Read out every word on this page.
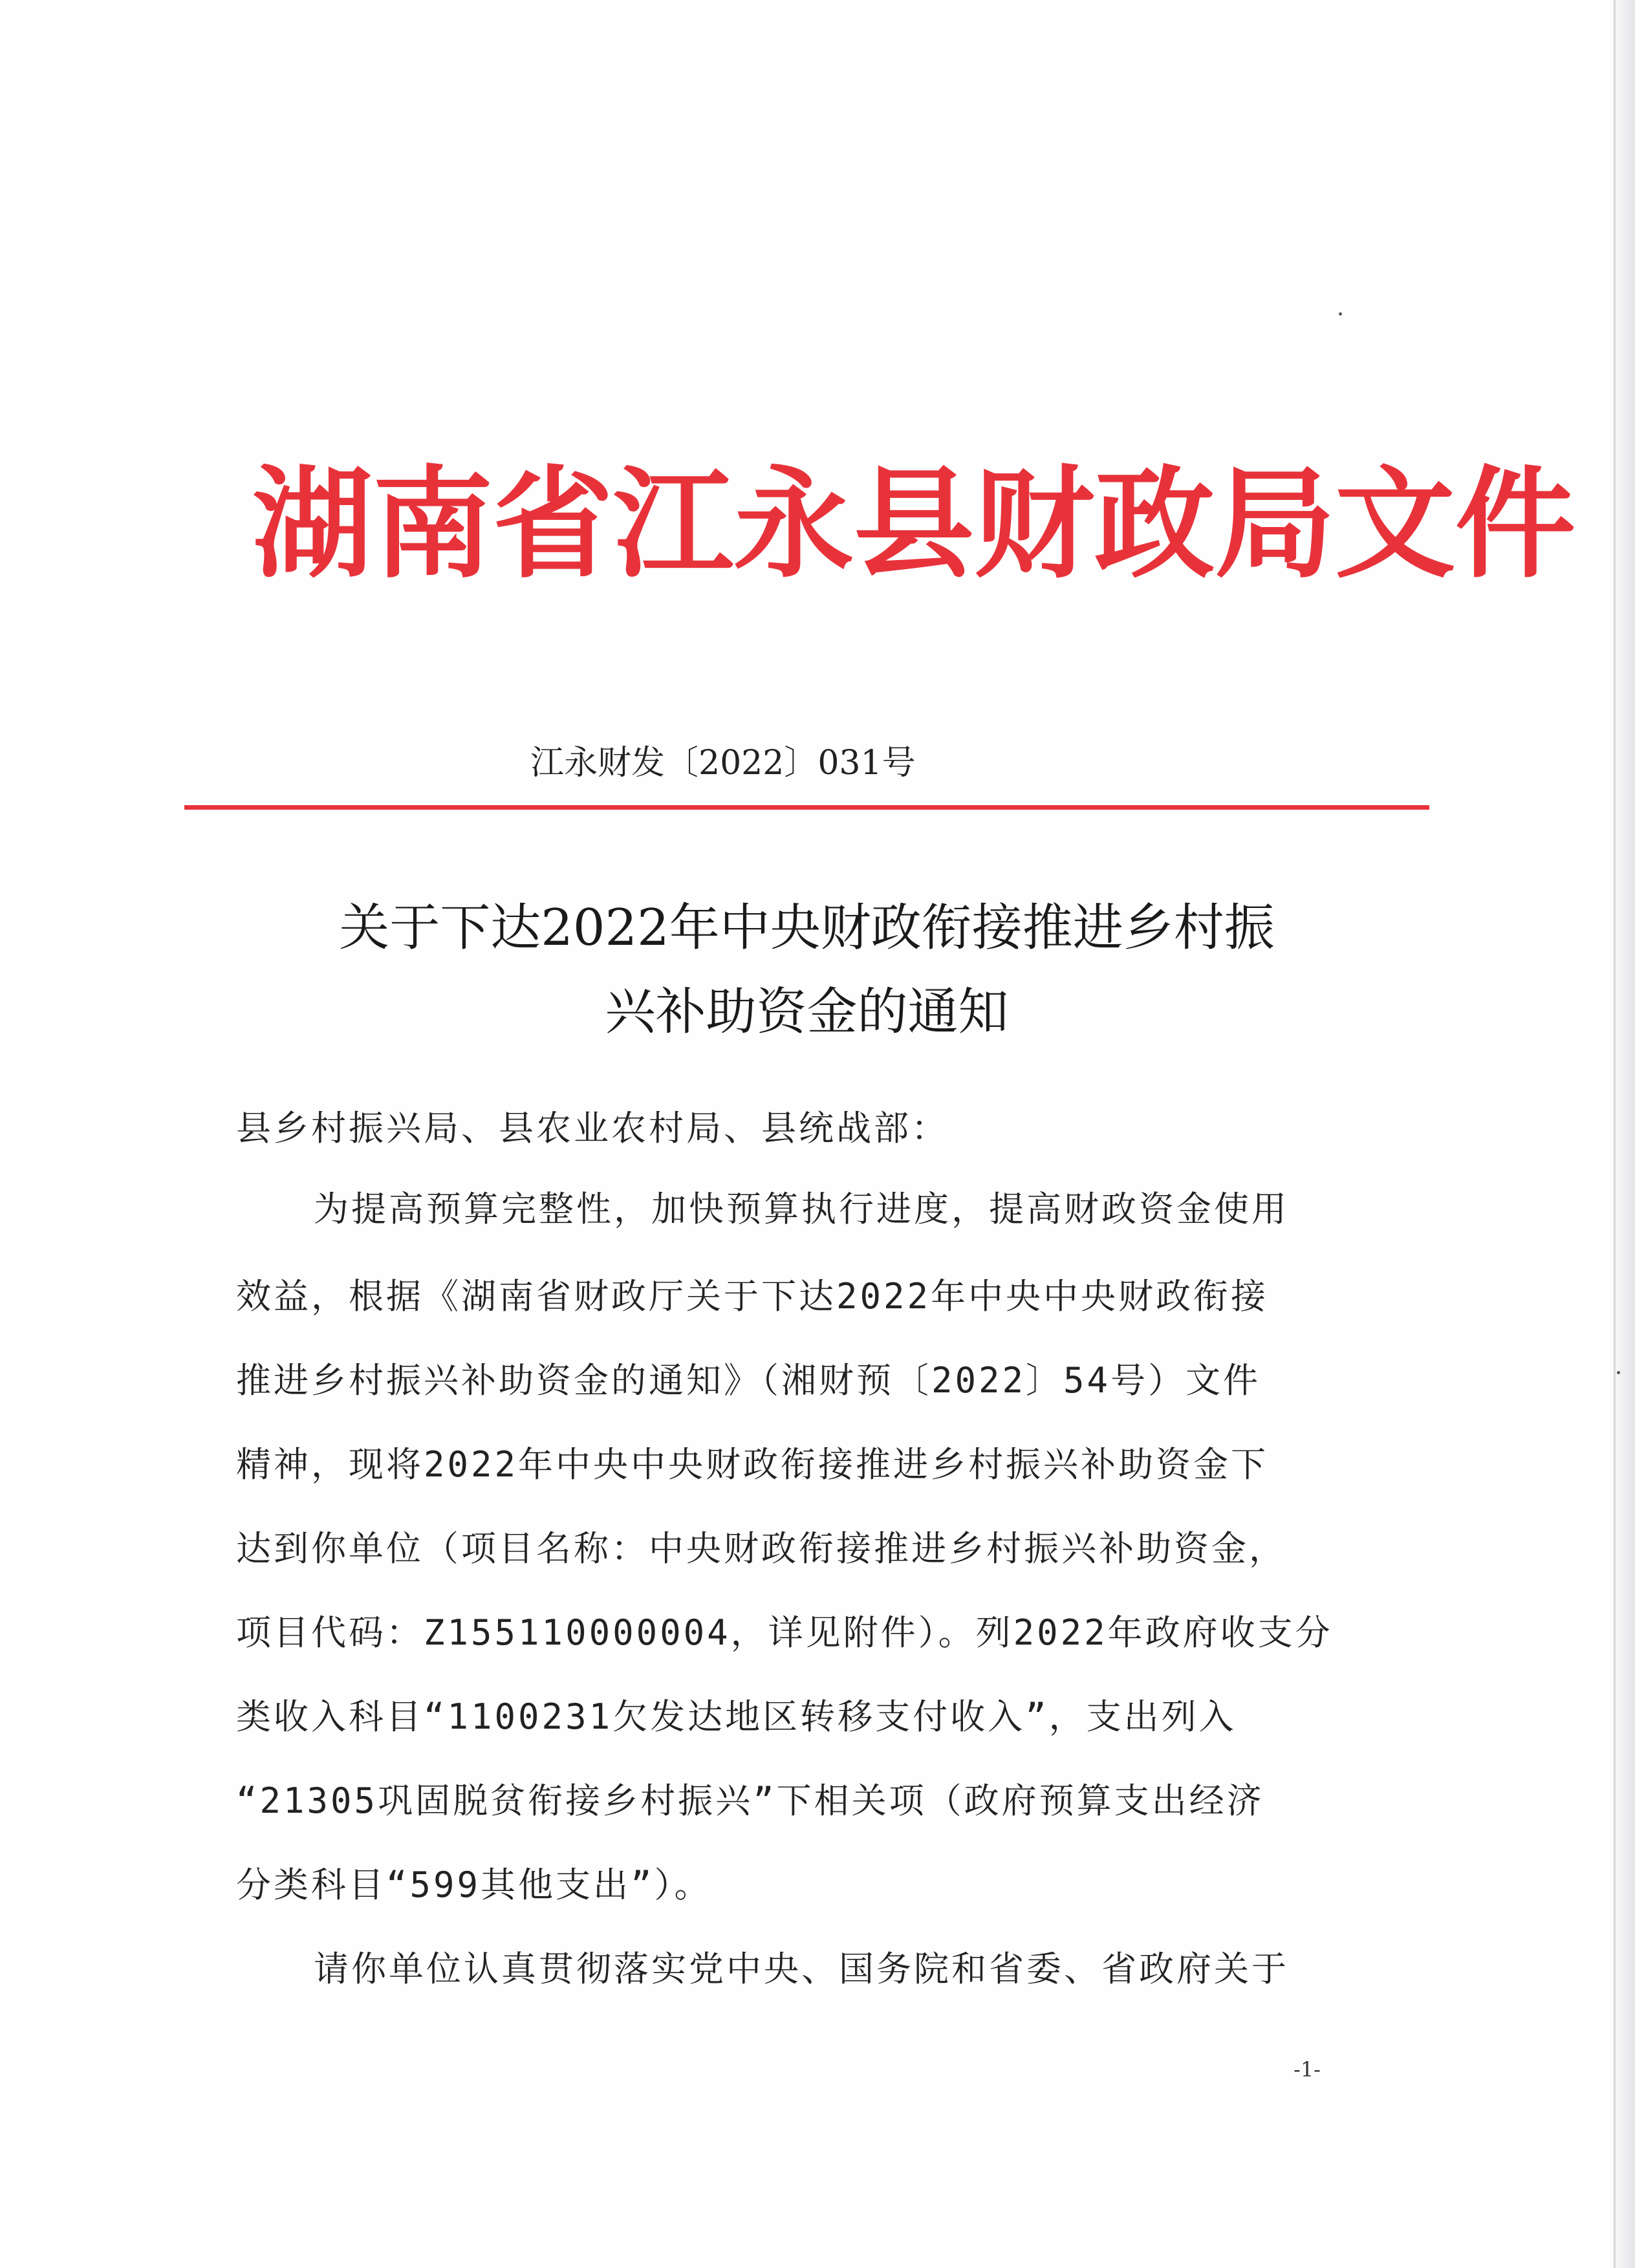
湖南省江永县财政局文件
江永财发〔2022〕031号
关于下达2022年中央财政衔接推进乡村振
兴补助资金的通知
县乡村振兴局、县农业农村局、县统战部：
为提高预算完整性，加快预算执行进度，提高财政资金使用
效益，根据《湖南省财政厅关于下达2022年中央中央财政衔接
推进乡村振兴补助资金的通知》（湘财预〔2022〕54号）文件
精神，现将2022年中央中央财政衔接推进乡村振兴补助资金下
达到你单位（项目名称：中央财政衔接推进乡村振兴补助资金，
项目代码：Z155110000004，详见附件）。列2022年政府收支分
类收入科目“1100231欠发达地区转移支付收入”，支出列入
“21305巩固脱贫衔接乡村振兴”下相关项（政府预算支出经济
分类科目“599其他支出”）。
请你单位认真贯彻落实党中央、国务院和省委、省政府关于
-1-
